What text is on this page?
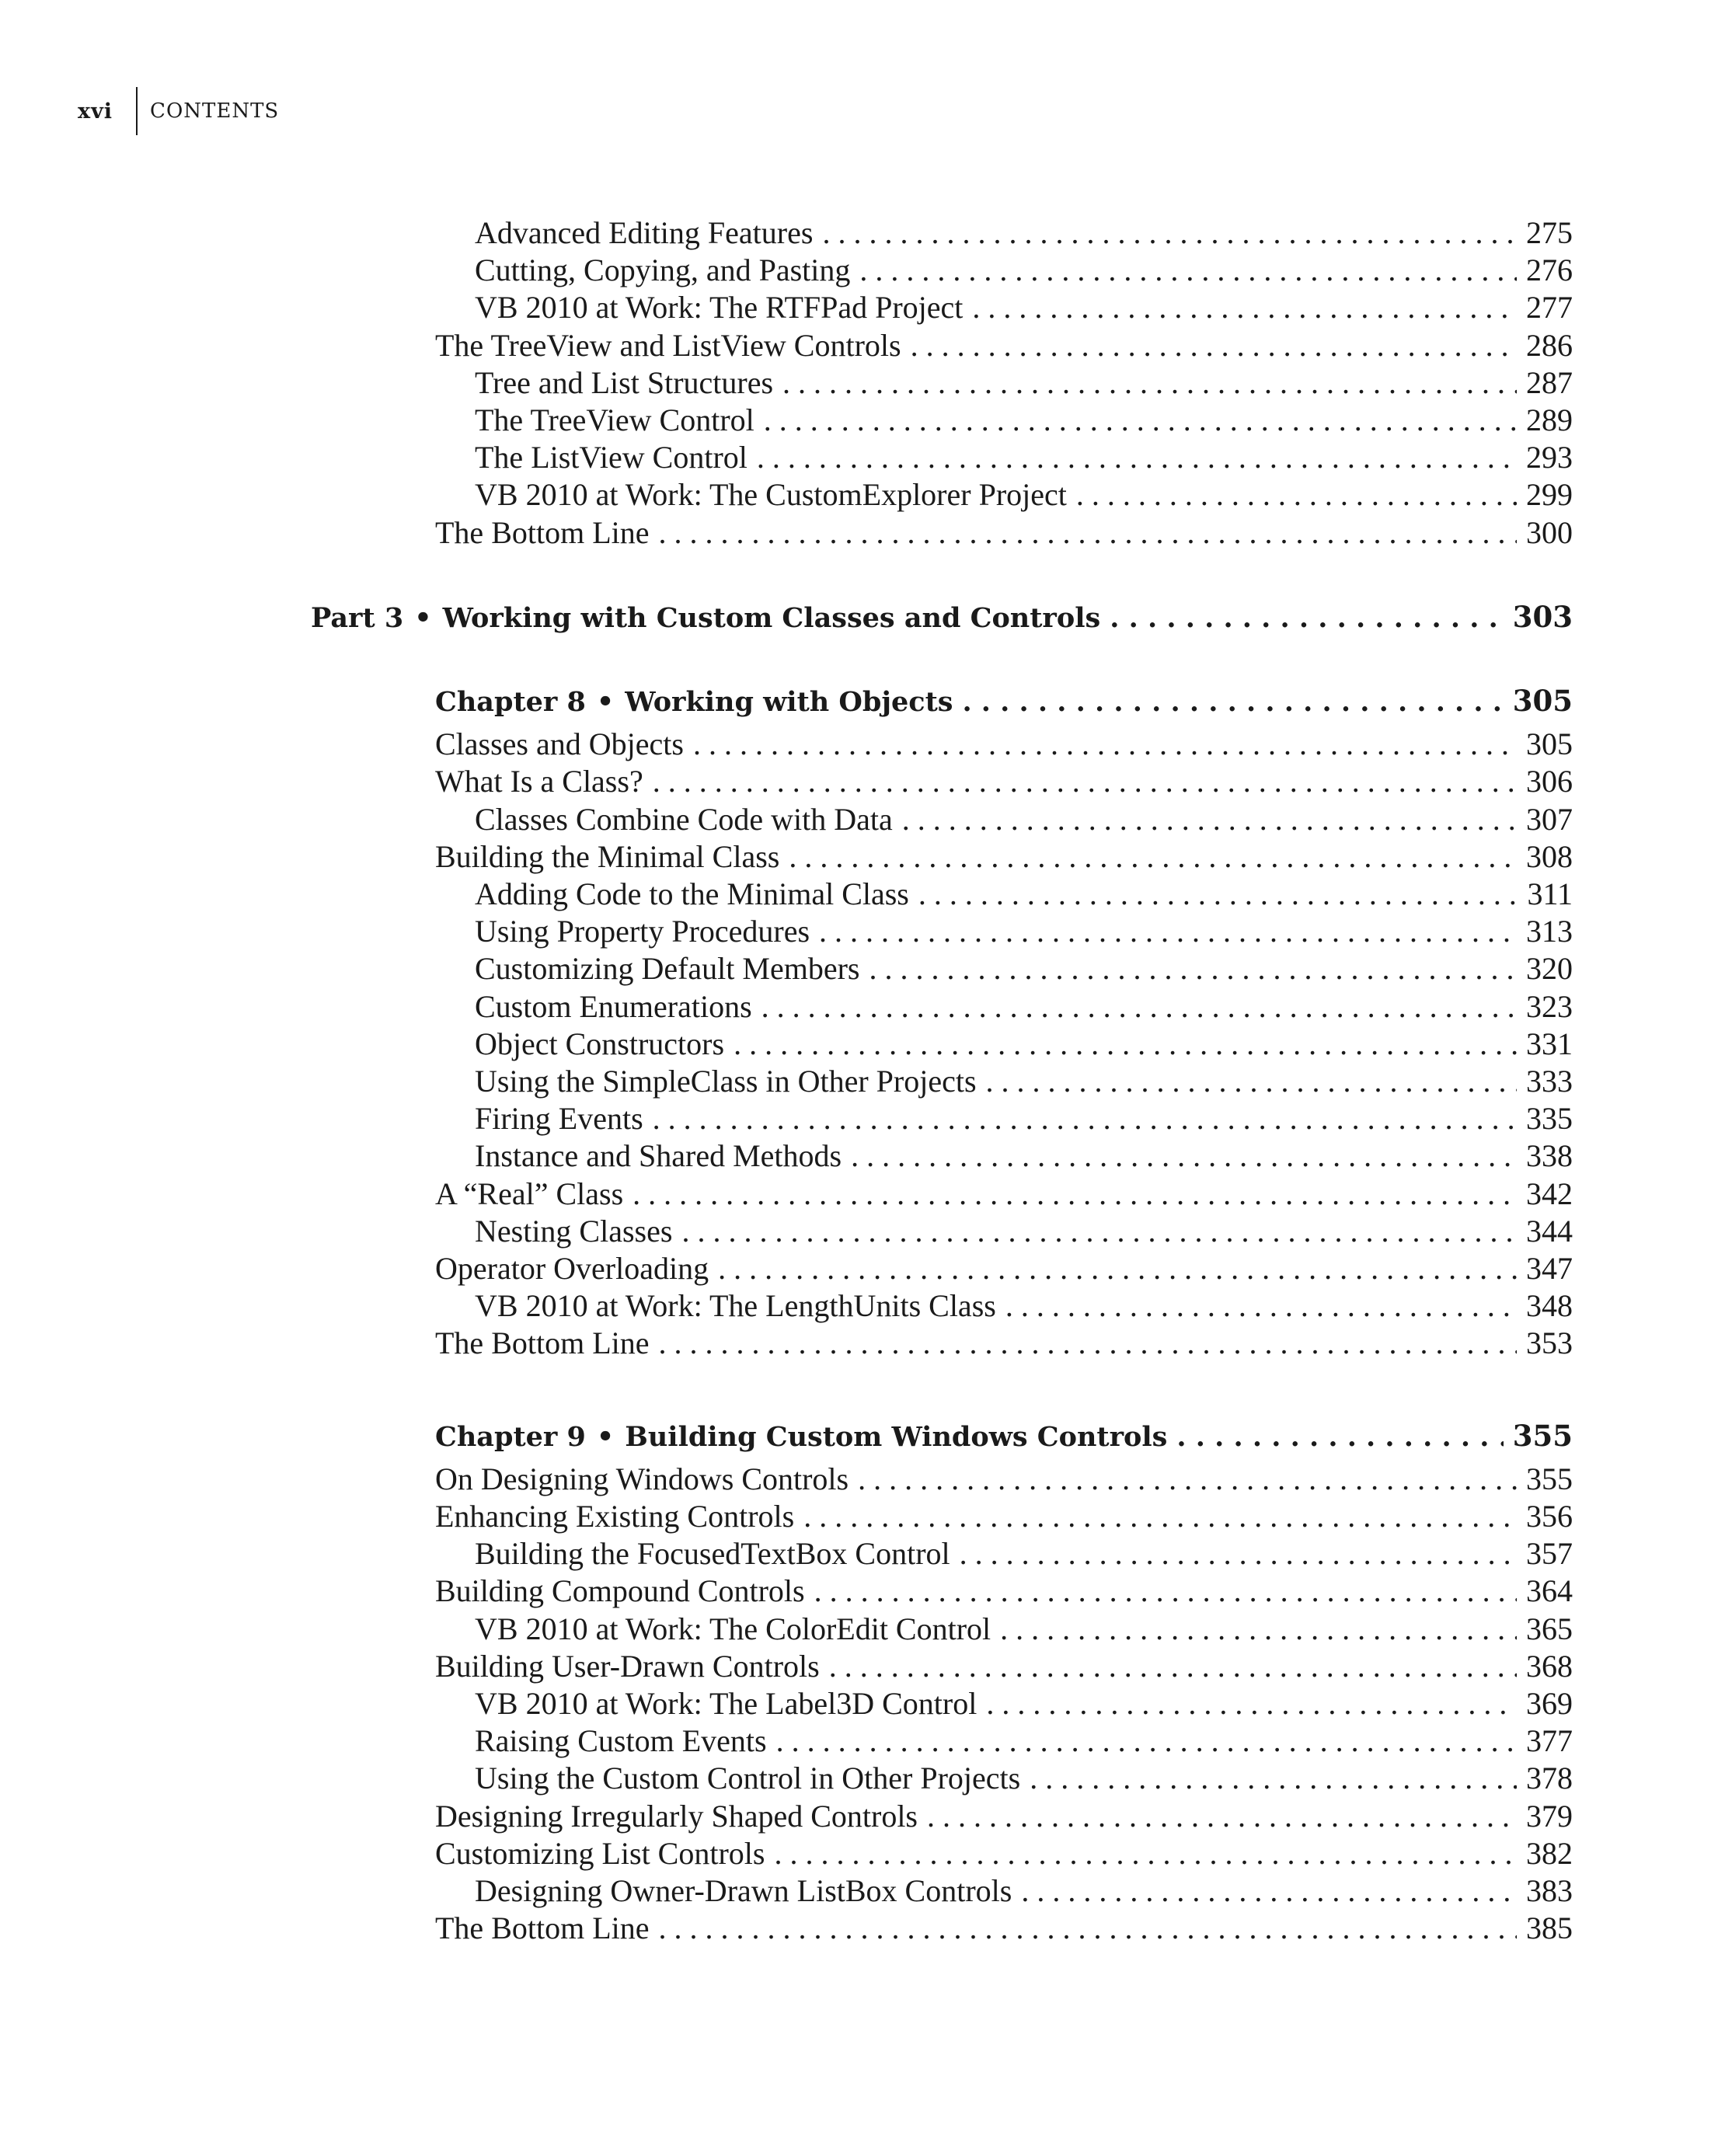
xvi	CONTENTS
Advanced Editing Features . . .	275
Cutting, Copying, and Pasting . . .	276
VB 2010 at Work: The RTFPad Project . . .	277
The TreeView and ListView Controls . . .	286
Tree and List Structures . . .	287
The TreeView Control . . .	289
The ListView Control . . .	293
VB 2010 at Work: The CustomExplorer Project . . .	299
The Bottom Line . . .	300
Part 3 • Working with Custom Classes and Controls . . .	303
Chapter 8 • Working with Objects . . .	305
Classes and Objects . . .	305
What Is a Class? . . .	306
Classes Combine Code with Data . . .	307
Building the Minimal Class . . .	308
Adding Code to the Minimal Class . . .	311
Using Property Procedures . . .	313
Customizing Default Members . . .	320
Custom Enumerations . . .	323
Object Constructors . . .	331
Using the SimpleClass in Other Projects . . .	333
Firing Events . . .	335
Instance and Shared Methods . . .	338
A “Real” Class . . .	342
Nesting Classes . . .	344
Operator Overloading . . .	347
VB 2010 at Work: The LengthUnits Class . . .	348
The Bottom Line . . .	353
Chapter 9 • Building Custom Windows Controls . . .	355
On Designing Windows Controls . . .	355
Enhancing Existing Controls . . .	356
Building the FocusedTextBox Control . . .	357
Building Compound Controls . . .	364
VB 2010 at Work: The ColorEdit Control . . .	365
Building User-Drawn Controls . . .	368
VB 2010 at Work: The Label3D Control . . .	369
Raising Custom Events . . .	377
Using the Custom Control in Other Projects . . .	378
Designing Irregularly Shaped Controls . . .	379
Customizing List Controls . . .	382
Designing Owner-Drawn ListBox Controls . . .	383
The Bottom Line . . .	385
